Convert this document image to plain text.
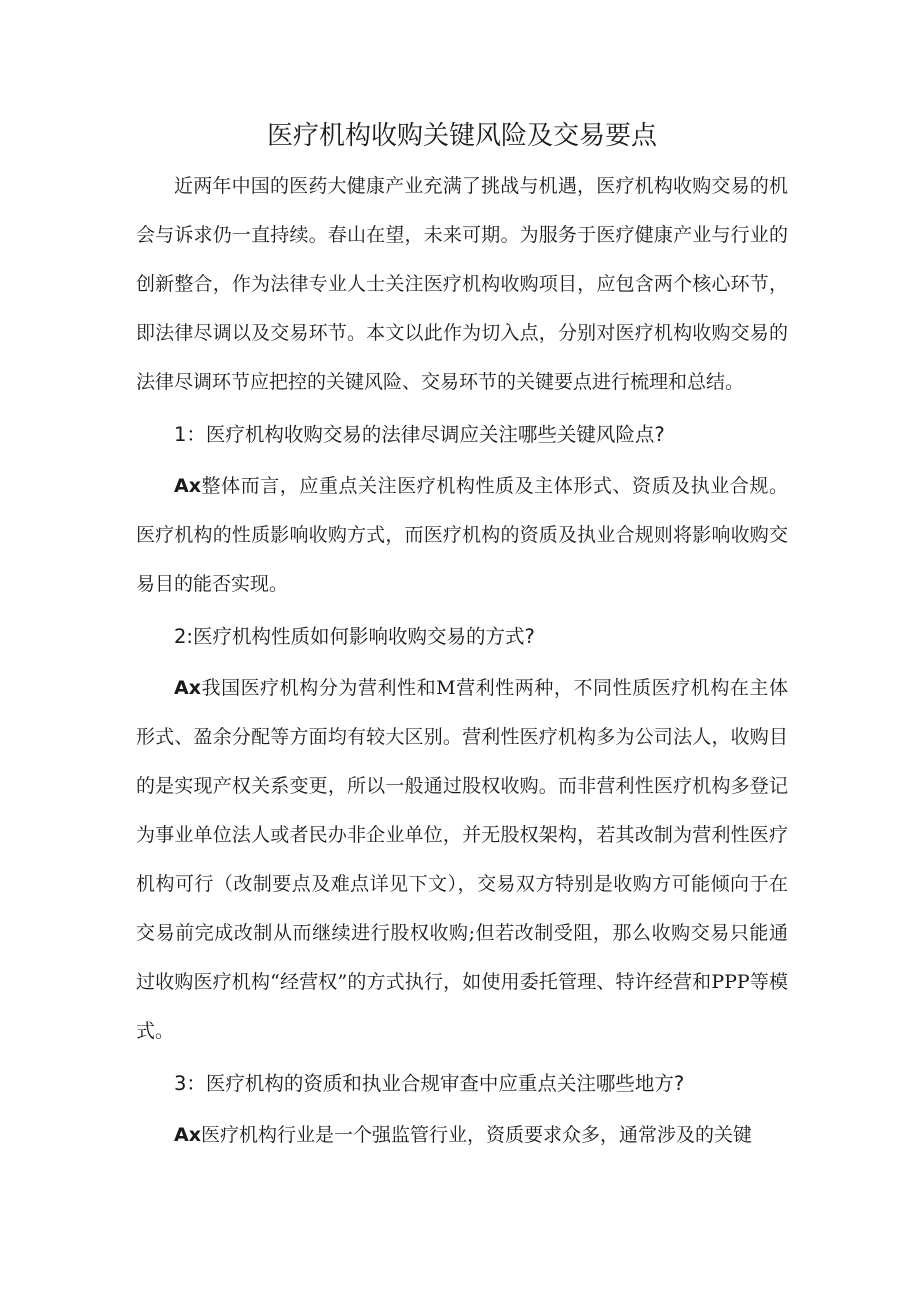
医疗机构收购关键风险及交易要点

近两年中国的医药大健康产业充满了挑战与机遇，医疗机构收购交易的机会与诉求仍一直持续。春山在望，未来可期。为服务于医疗健康产业与行业的创新整合，作为法律专业人士关注医疗机构收购项目，应包含两个核心环节，即法律尽调以及交易环节。本文以此作为切入点，分别对医疗机构收购交易的法律尽调环节应把控的关键风险、交易环节的关键要点进行梳理和总结。

1：医疗机构收购交易的法律尽调应关注哪些关键风险点?

Ax整体而言，应重点关注医疗机构性质及主体形式、资质及执业合规。医疗机构的性质影响收购方式，而医疗机构的资质及执业合规则将影响收购交易目的能否实现。

2:医疗机构性质如何影响收购交易的方式?

Ax我国医疗机构分为营利性和M营利性两种，不同性质医疗机构在主体形式、盈余分配等方面均有较大区别。营利性医疗机构多为公司法人，收购目的是实现产权关系变更，所以一般通过股权收购。而非营利性医疗机构多登记为事业单位法人或者民办非企业单位，并无股权架构，若其改制为营利性医疗机构可行（改制要点及难点详见下文），交易双方特别是收购方可能倾向于在交易前完成改制从而继续进行股权收购;但若改制受阻，那么收购交易只能通过收购医疗机构“经营权”的方式执行，如使用委托管理、特许经营和PPP等模式。

3：医疗机构的资质和执业合规审查中应重点关注哪些地方?

Ax医疗机构行业是一个强监管行业，资质要求众多，通常涉及的关键
